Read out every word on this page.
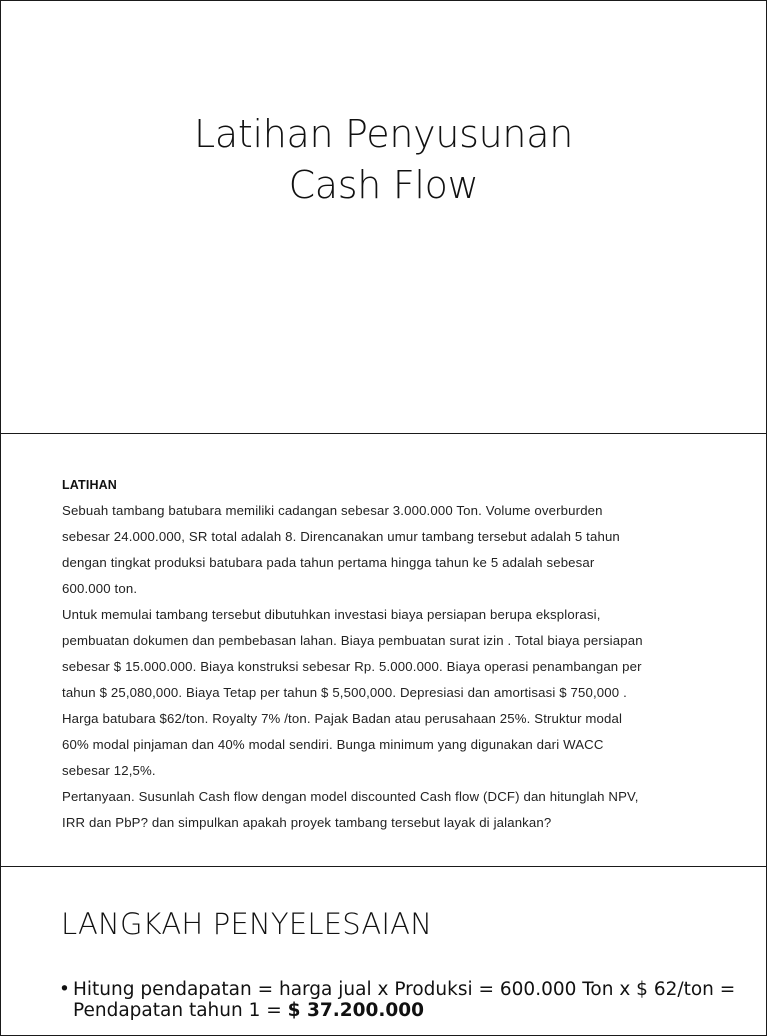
Latihan Penyusunan
Cash Flow
LATIHAN
Sebuah tambang batubara memiliki cadangan sebesar 3.000.000 Ton. Volume overburden
sebesar 24.000.000, SR total adalah 8. Direncanakan umur tambang tersebut adalah 5 tahun
dengan tingkat produksi batubara pada tahun pertama hingga tahun ke 5 adalah sebesar
600.000 ton.
Untuk memulai tambang tersebut dibutuhkan investasi biaya persiapan berupa eksplorasi,
pembuatan dokumen dan pembebasan lahan. Biaya pembuatan surat izin . Total biaya persiapan
sebesar $ 15.000.000. Biaya konstruksi sebesar Rp. 5.000.000. Biaya operasi penambangan per
tahun $ 25,080,000. Biaya Tetap per tahun $ 5,500,000. Depresiasi dan amortisasi $ 750,000 .
Harga batubara $62/ton. Royalty 7% /ton. Pajak Badan atau perusahaan 25%. Struktur modal
60% modal pinjaman dan 40% modal sendiri. Bunga minimum yang digunakan dari WACC
sebesar 12,5%.
Pertanyaan. Susunlah Cash flow dengan model discounted Cash flow (DCF) dan hitunglah NPV,
IRR dan PbP? dan simpulkan apakah proyek tambang tersebut layak di jalankan?
LANGKAH PENYELESAIAN
• Hitung pendapatan = harga jual x Produksi = 600.000 Ton x $ 62/ton =
Pendapatan tahun 1 = $ 37.200.000
